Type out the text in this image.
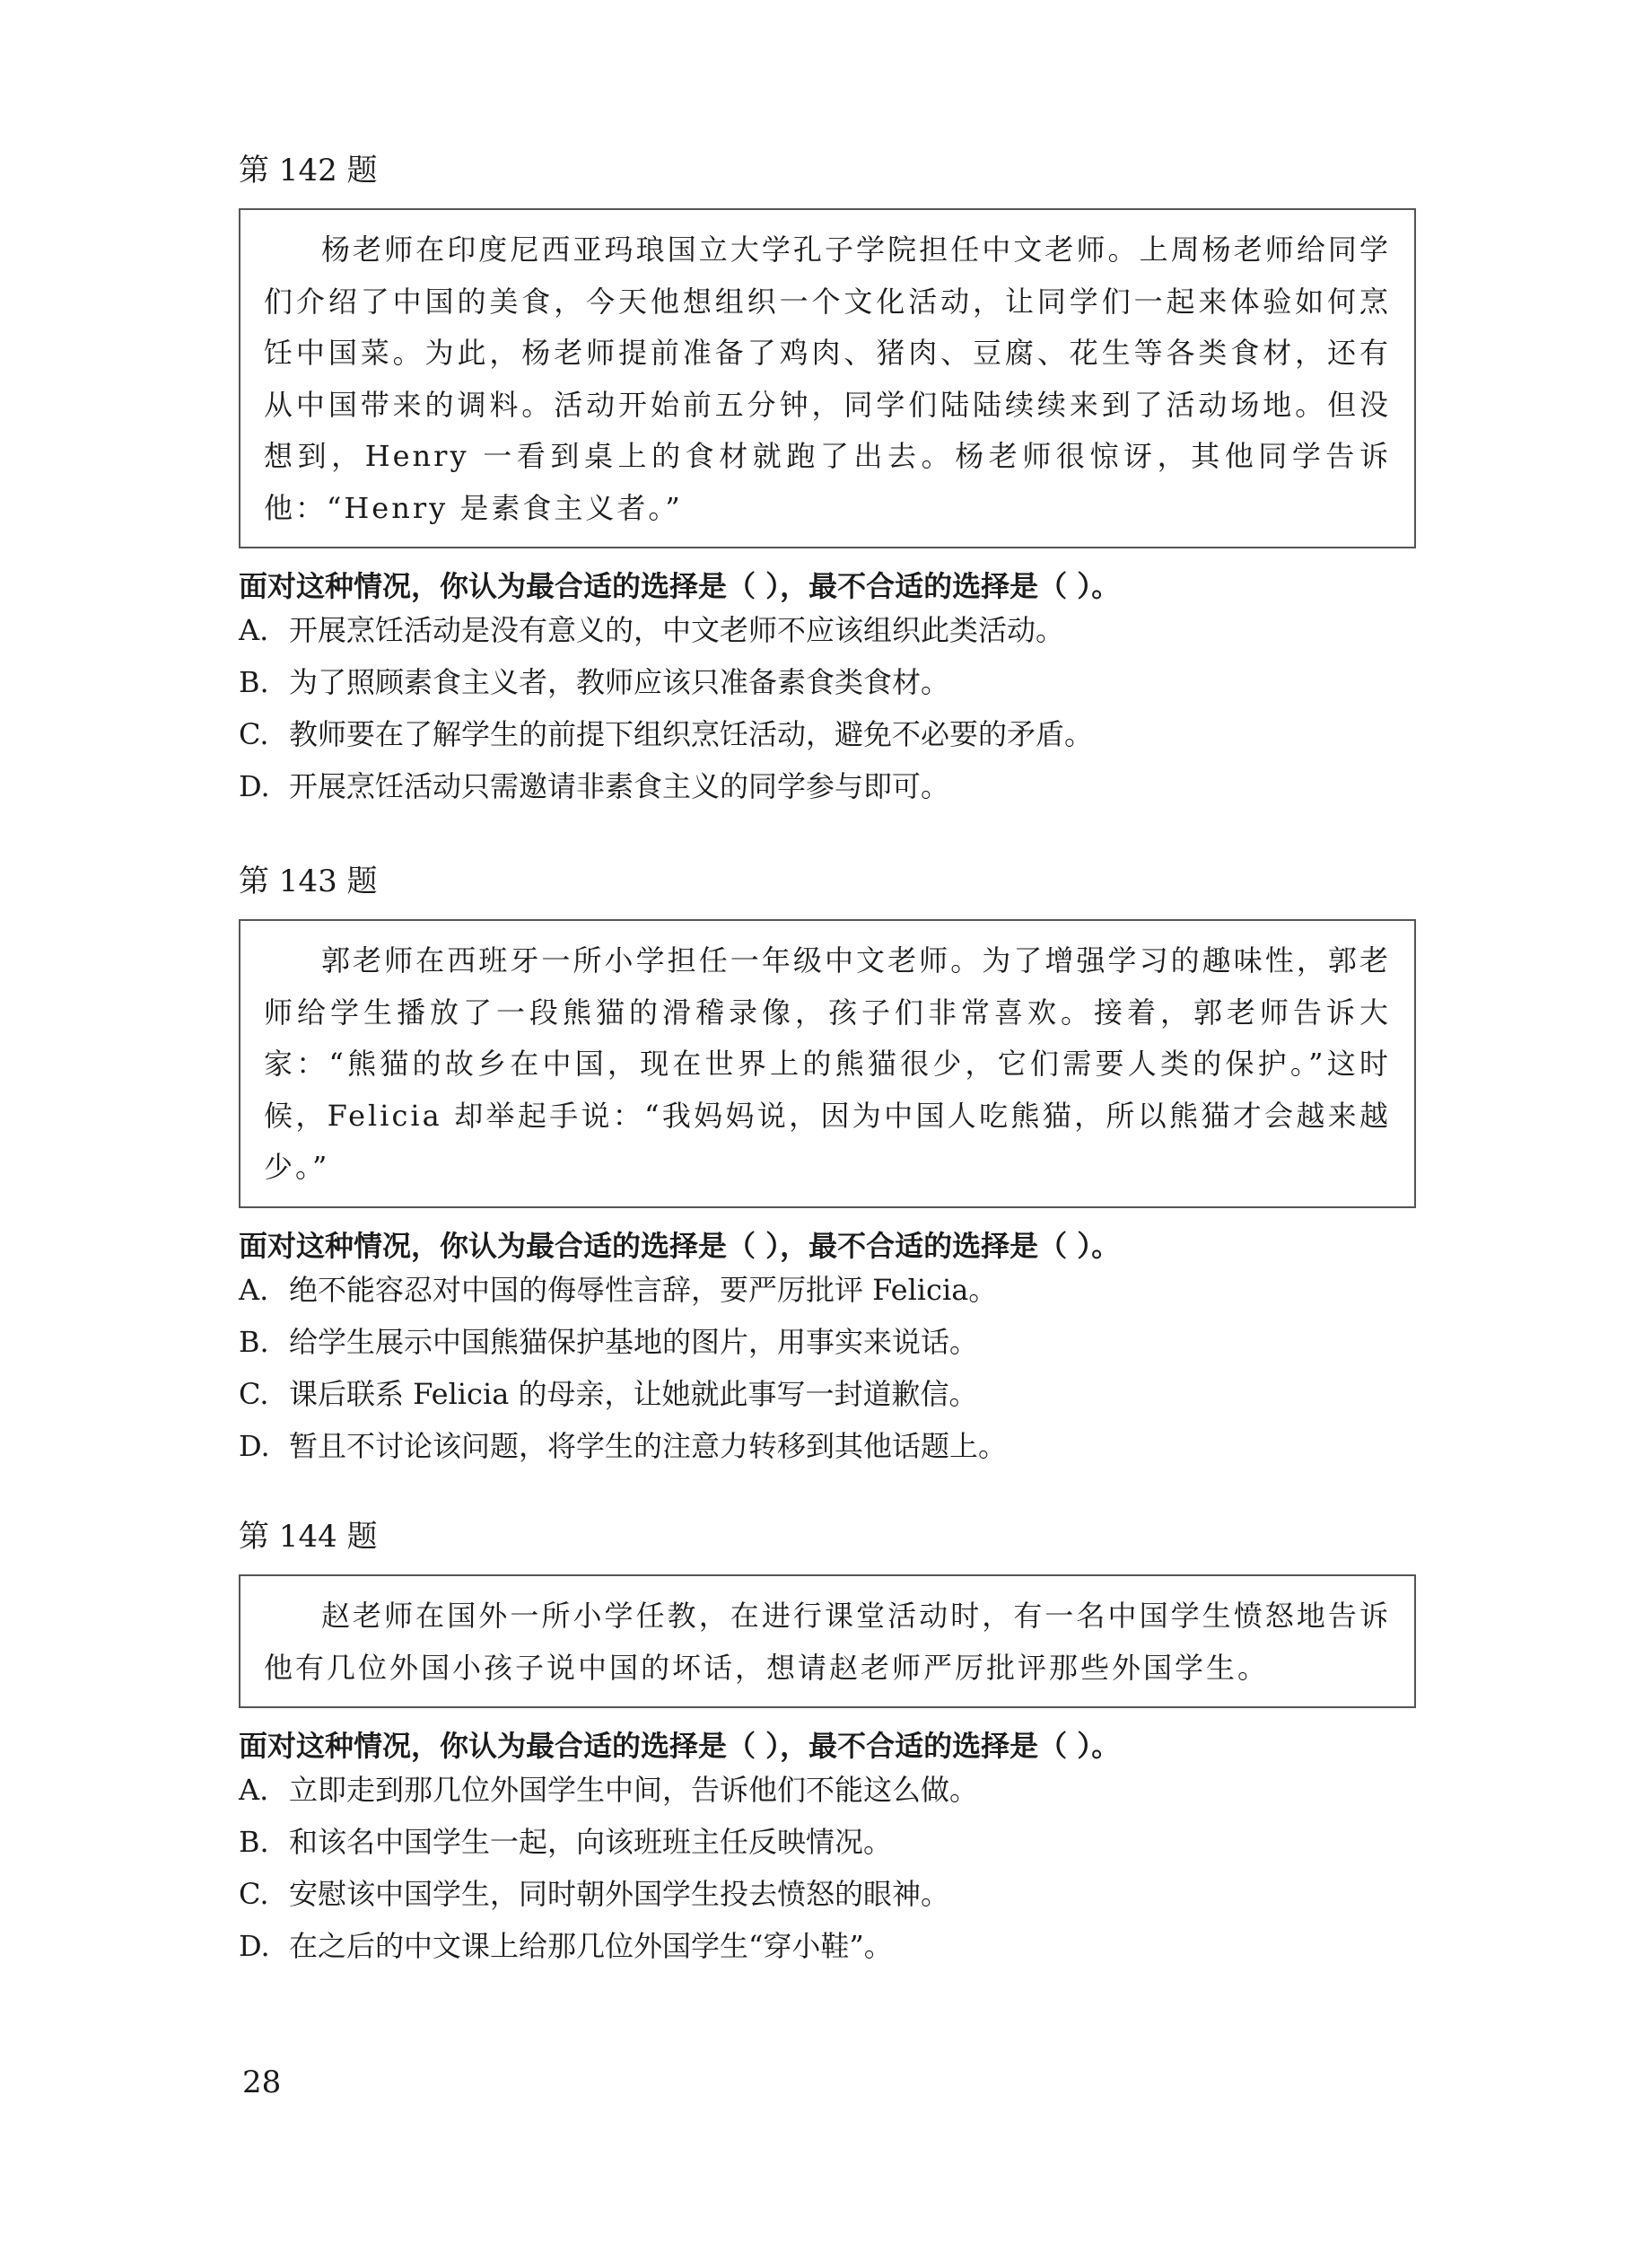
第 142 题

杨老师在印度尼西亚玛琅国立大学孔子学院担任中文老师。上周杨老师给同学们介绍了中国的美食，今天他想组织一个文化活动，让同学们一起来体验如何烹饪中国菜。为此，杨老师提前准备了鸡肉、猪肉、豆腐、花生等各类食材，还有从中国带来的调料。活动开始前五分钟，同学们陆陆续续来到了活动场地。但没想到，Henry 一看到桌上的食材就跑了出去。杨老师很惊讶，其他同学告诉他：“Henry 是素食主义者。”

面对这种情况，你认为最合适的选择是（ ），最不合适的选择是（ ）。
A. 开展烹饪活动是没有意义的，中文老师不应该组织此类活动。
B. 为了照顾素食主义者，教师应该只准备素食类食材。
C. 教师要在了解学生的前提下组织烹饪活动，避免不必要的矛盾。
D. 开展烹饪活动只需邀请非素食主义的同学参与即可。
第 143 题

郭老师在西班牙一所小学担任一年级中文老师。为了增强学习的趣味性，郭老师给学生播放了一段熊猫的滑稽录像，孩子们非常喜欢。接着，郭老师告诉大家：“熊猫的故乡在中国，现在世界上的熊猫很少，它们需要人类的保护。”这时候，Felicia 却举起手说：“我妈妈说，因为中国人吃熊猫，所以熊猫才会越来越少。”

面对这种情况，你认为最合适的选择是（ ），最不合适的选择是（ ）。
A. 绝不能容忍对中国的侮辱性言辞，要严厉批评 Felicia。
B. 给学生展示中国熊猫保护基地的图片，用事实来说话。
C. 课后联系 Felicia 的母亲，让她就此事写一封道歉信。
D. 暂且不讨论该问题，将学生的注意力转移到其他话题上。
第 144 题

赵老师在国外一所小学任教，在进行课堂活动时，有一名中国学生愤怒地告诉他有几位外国小孩子说中国的坏话，想请赵老师严厉批评那些外国学生。

面对这种情况，你认为最合适的选择是（ ），最不合适的选择是（ ）。
A. 立即走到那几位外国学生中间，告诉他们不能这么做。
B. 和该名中国学生一起，向该班班主任反映情况。
C. 安慰该中国学生，同时朝外国学生投去愤怒的眼神。
D. 在之后的中文课上给那几位外国学生“穿小鞋”。
28
